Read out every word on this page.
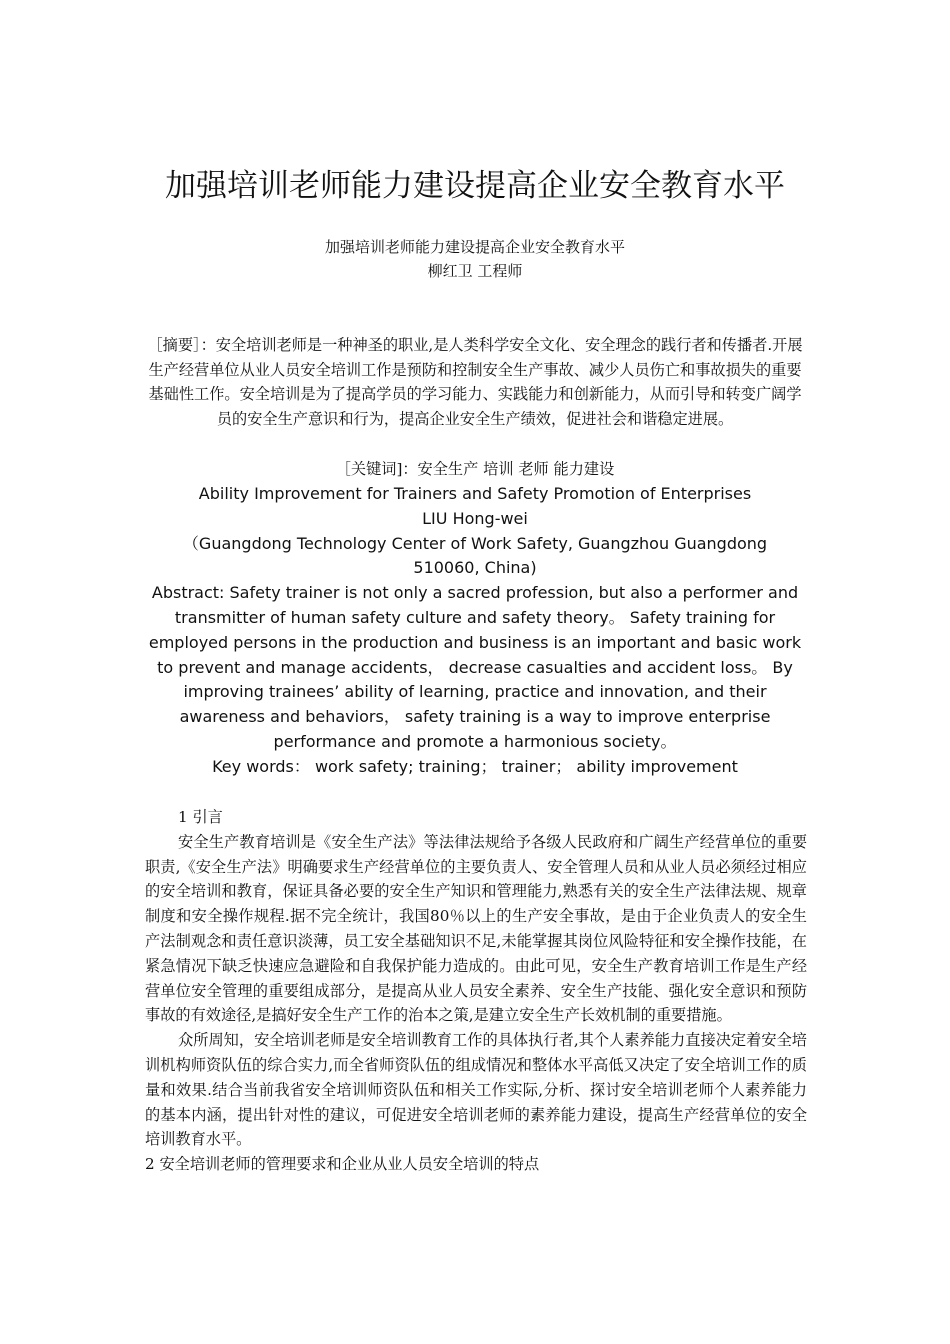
加强培训老师能力建设提高企业安全教育水平
加强培训老师能力建设提高企业安全教育水平
柳红卫 工程师
［摘要］：安全培训老师是一种神圣的职业,是人类科学安全文化、安全理念的践行者和传播者.开展生产经营单位从业人员安全培训工作是预防和控制安全生产事故、减少人员伤亡和事故损失的重要基础性工作。安全培训是为了提高学员的学习能力、实践能力和创新能力，从而引导和转变广阔学员的安全生产意识和行为，提高企业安全生产绩效，促进社会和谐稳定进展。
［关键词]：安全生产 培训 老师 能力建设

Ability Improvement for Trainers and Safety Promotion of Enterprises

LIU Hong-wei

（Guangdong Technology Center of Work Safety, Guangzhou Guangdong 510060, China)

Abstract: Safety trainer is not only a sacred profession, but also a performer and transmitter of human safety culture and safety theory。 Safety training for employed persons in the production and business is an important and basic work to prevent and manage accidents， decrease casualties and accident loss。 By improving trainees’ ability of learning, practice and innovation, and their awareness and behaviors， safety training is a way to improve enterprise performance and promote a harmonious society。

Key words： work safety; training； trainer； ability improvement

1 引言

安全生产教育培训是《安全生产法》等法律法规给予各级人民政府和广阔生产经营单位的重要职责,《安全生产法》明确要求生产经营单位的主要负责人、安全管理人员和从业人员必须经过相应的安全培训和教育，保证具备必要的安全生产知识和管理能力,熟悉有关的安全生产法律法规、规章制度和安全操作规程.据不完全统计，我国80％以上的生产安全事故，是由于企业负责人的安全生产法制观念和责任意识淡薄，员工安全基础知识不足,未能掌握其岗位风险特征和安全操作技能，在紧急情况下缺乏快速应急避险和自我保护能力造成的。由此可见，安全生产教育培训工作是生产经营单位安全管理的重要组成部分，是提高从业人员安全素养、安全生产技能、强化安全意识和预防事故的有效途径,是搞好安全生产工作的治本之策,是建立安全生产长效机制的重要措施。

众所周知，安全培训老师是安全培训教育工作的具体执行者,其个人素养能力直接决定着安全培训机构师资队伍的综合实力,而全省师资队伍的组成情况和整体水平高低又决定了安全培训工作的质量和效果.结合当前我省安全培训师资队伍和相关工作实际,分析、探讨安全培训老师个人素养能力的基本内涵，提出针对性的建议，可促进安全培训老师的素养能力建设，提高生产经营单位的安全培训教育水平。

2 安全培训老师的管理要求和企业从业人员安全培训的特点
